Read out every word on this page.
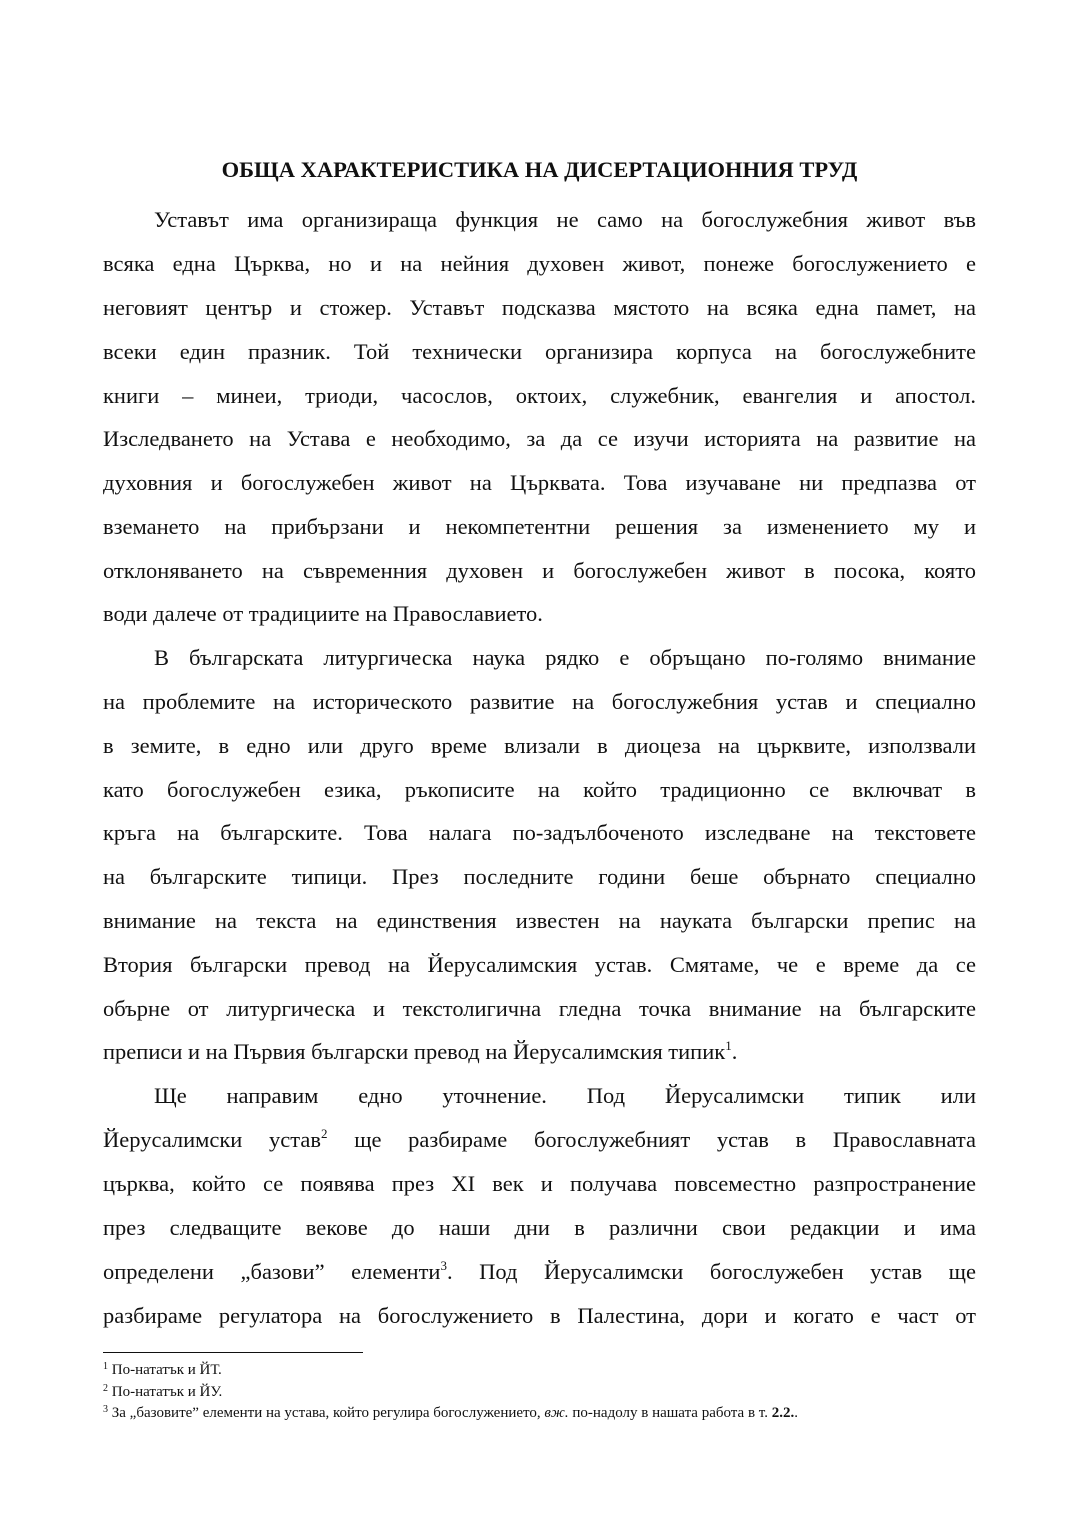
ОБЩА ХАРАКТЕРИСТИКА НА ДИСЕРТАЦИОННИЯ ТРУД
Уставът има организираща функция не само на богослужебния живот във
всяка една Църква, но и на нейния духовен живот, понеже богослужението е
неговият център и стожер. Уставът подсказва мястото на всяка една памет, на
всеки един празник. Той технически организира корпуса на богослужебните
книги – минеи, триоди, часослов, октоих, служебник, евангелия и апостол.
Изследването на Устава е необходимо, за да се изучи историята на развитие на
духовния и богослужебен живот на Църквата. Това изучаване ни предпазва от
вземането на прибързани и некомпетентни решения за изменението му и
отклоняването на съвременния духовен и богослужебен живот в посока, която
води далече от традициите на Православието.
В българската литургическа наука рядко е обръщано по-голямо внимание
на проблемите на историческото развитие на богослужебния устав и специално
в земите, в едно или друго време влизали в диоцеза на църквите, използвали
като богослужебен езика, ръкописите на който традиционно се включват в
кръга на българските. Това налага по-задълбоченото изследване на текстовете
на българските типици. През последните години беше обърнато специално
внимание на текста на единствения известен на науката български препис на
Втория български превод на Йерусалимския устав. Смятаме, че е време да се
обърне от литургическа и текстолигична гледна точка внимание на българските
преписи и на Първия български превод на Йерусалимския типик$^1$.
Ще направим едно уточнение. Под Йерусалимски типик или
Йерусалимски устав$^2$ ще разбираме богослужебният устав в Православната
църква, който се появява през XI век и получава повсеместно разпространение
през следващите векове до наши дни в различни свои редакции и има
определени „базови” елементи$^3$. Под Йерусалимски богослужебен устав ще
разбираме регулатора на богослужението в Палестина, дори и когато е част от
$^1$ По-нататък и ЙТ.
$^2$ По-нататък и ЙУ.
$^3$ За „базовите” елементи на устава, който регулира богослужението, вж. по-надолу в нашата работа в т. 2.2..
